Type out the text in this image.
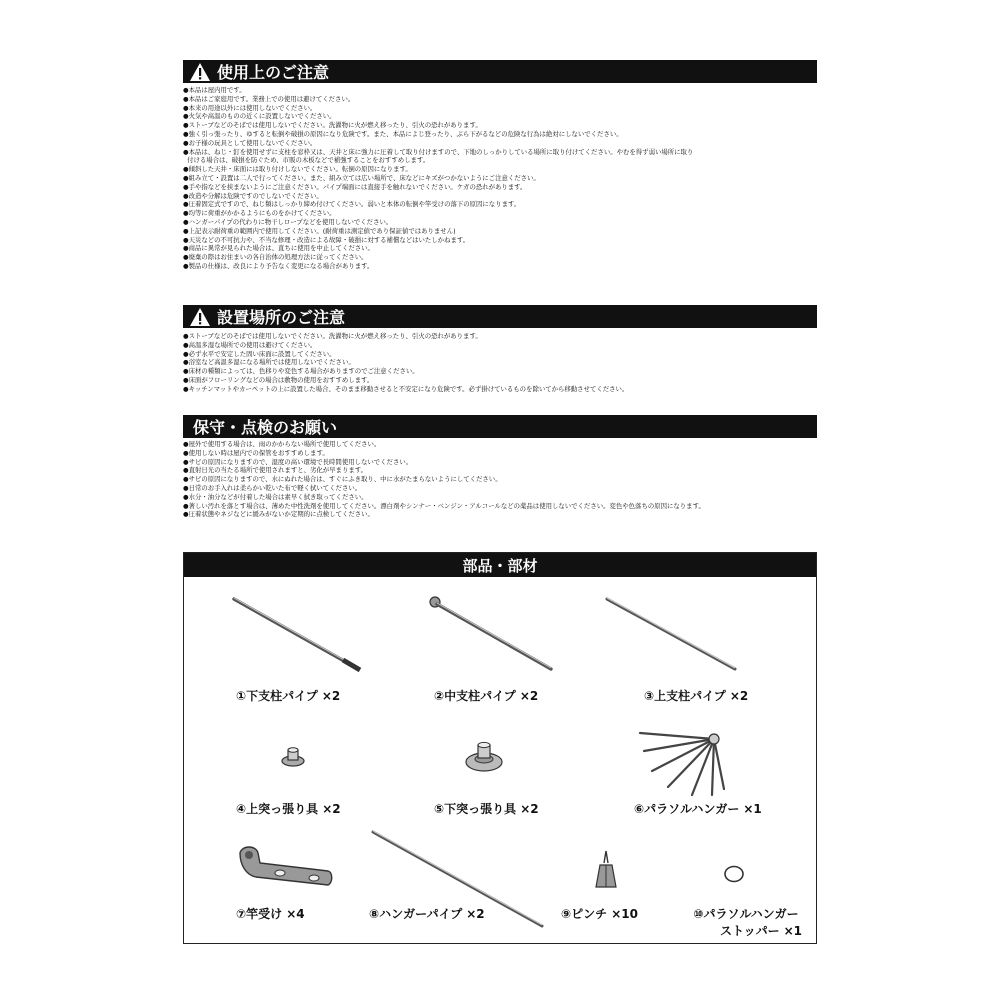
使用上のご注意
●本品は屋内用です。
●本品はご家庭用です。業務上での使用は避けてください。
●本来の用途以外には使用しないでください。
●火気や高温のものの近くに設置しないでください。
●ストーブなどのそばでは使用しないでください。洗濯物に火が燃え移ったり、引火の恐れがあります。
●強く引っ張ったり、ゆすると転倒や破損の原因になり危険です。また、本品によじ登ったり、ぶら下がるなどの危険な行為は絶対にしないでください。
●お子様の玩具として使用しないでください。
●本品は、ねじ・釘を使用せずに支柱を窓枠又は、天井と床に強力に圧着して取り付けますので、下地のしっかりしている場所に取り付けてください。やむを得ず弱い場所に取り
付ける場合は、破損を防ぐため、市販の木板などで補強することをおすすめします。
●傾斜した天井・床面には取り付けしないでください。転倒の原因になります。
●組み立て・設置は二人で行ってください。また、組み立ては広い場所で、床などにキズがつかないようにご注意ください。
●手や指などを挟まないようにご注意ください。パイプ端面には直接手を触れないでください。ケガの恐れがあります。
●改造や分解は危険ですのでしないでください。
●圧着固定式ですので、ねじ類はしっかり締め付けてください。弱いと本体の転倒や竿受けの落下の原因になります。
●均等に荷重がかかるようにものをかけてください。
●ハンガーパイプの代わりに物干しロープなどを使用しないでください。
●上記表示耐荷重の範囲内で使用してください。(耐荷重は測定値であり保証値ではありません)
●天災などの不可抗力や、不当な修理・改造による故障・破損に対する補償などはいたしかねます。
●商品に異常が見られた場合は、直ちに使用を中止してください。
●廃棄の際はお住まいの各自治体の処理方法に従ってください。
●製品の仕様は、改良により予告なく変更になる場合があります。
設置場所のご注意
●ストーブなどのそばでは使用しないでください。洗濯物に火が燃え移ったり、引火の恐れがあります。
●高温多湿な場所での使用は避けてください。
●必ず水平で安定した固い床面に設置してください。
●浴室など高温多湿になる場所では使用しないでください。
●床材の種類によっては、色移りや変色する場合がありますのでご注意ください。
●床面がフローリングなどの場合は敷物の使用をおすすめします。
●キッチンマットやカーペットの上に設置した場合、そのまま移動させると不安定になり危険です。必ず掛けているものを除いてから移動させてください。
保守・点検のお願い
●屋外で使用する場合は、雨のかからない場所で使用してください。
●使用しない時は屋内での保管をおすすめします。
●サビの原因になりますので、湿度の高い環境で長時間使用しないでください。
●直射日光の当たる場所で使用されますと、劣化が早まります。
●サビの原因になりますので、水にぬれた場合は、すぐにふき取り、中に水がたまらないようにしてください。
●日常のお手入れは柔らかい乾いた布で軽く拭いてください。
●水分・油分などが付着した場合は素早く拭き取ってください。
●著しい汚れを落とす場合は、薄めた中性洗剤を使用してください。漂白剤やシンナー・ベンジン・アルコールなどの薬品は使用しないでください。変色や色落ちの原因になります。
●圧着状態やネジなどに緩みがないか定期的に点検してください。
部品・部材
①下支柱パイプ ×2	②中支柱パイプ ×2	③上支柱パイプ ×2
④上突っ張り具 ×2	⑤下突っ張り具 ×2	⑥パラソルハンガー ×1
⑦竿受け ×4	⑧ハンガーパイプ ×2	⑨ピンチ ×10	⑩パラソルハンガー
ストッパー ×1
